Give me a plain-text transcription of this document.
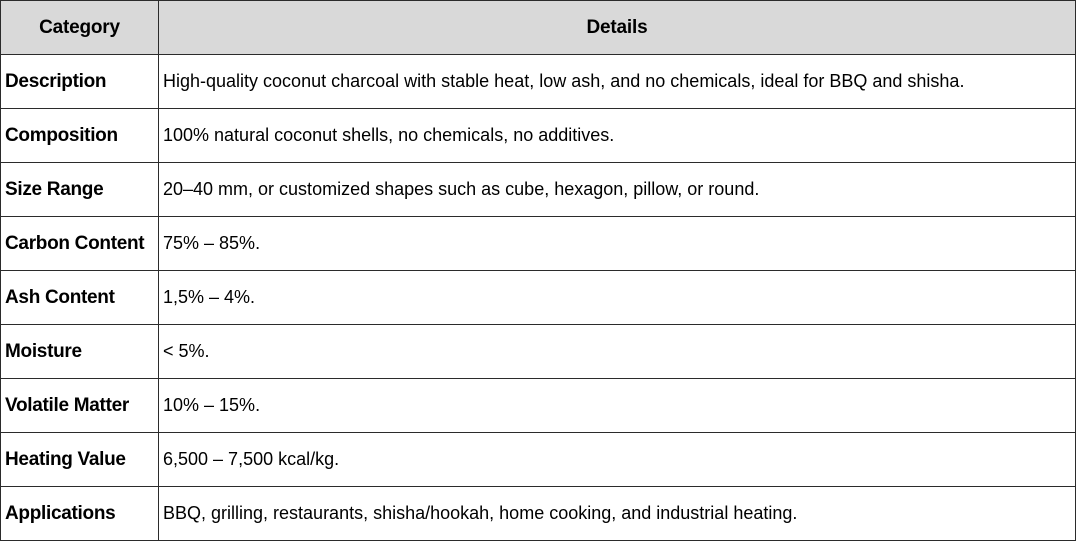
Category	Details
Description	High-quality coconut charcoal with stable heat, low ash, and no chemicals, ideal for BBQ and shisha.
Composition	100% natural coconut shells, no chemicals, no additives.
Size Range	20–40 mm, or customized shapes such as cube, hexagon, pillow, or round.
Carbon Content	75% – 85%.
Ash Content	1,5% – 4%.
Moisture	< 5%.
Volatile Matter	10% – 15%.
Heating Value	6,500 – 7,500 kcal/kg.
Applications	BBQ, grilling, restaurants, shisha/hookah, home cooking, and industrial heating.
